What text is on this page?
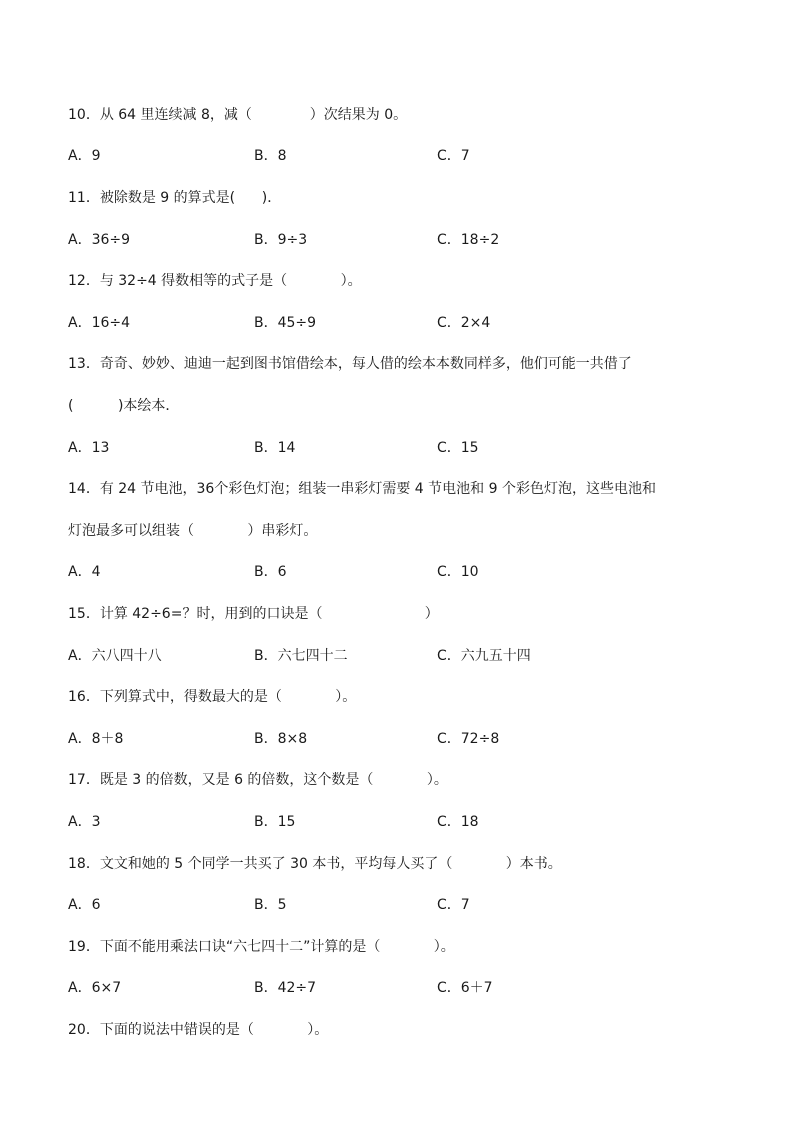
10．从 64 里连续减 8，减（             ）次结果为 0。
A．9	B．8	C．7
11．被除数是 9 的算式是(      )．
A．36÷9	B．9÷3	C．18÷2
12．与 32÷4 得数相等的式子是（            ）。
A．16÷4	B．45÷9	C．2×4
13．奇奇、妙妙、迪迪一起到图书馆借绘本，每人借的绘本本数同样多，他们可能一共借了
(          )本绘本．
A．13	B．14	C．15
14．有 24 节电池，36个彩色灯泡；组装一串彩灯需要 4 节电池和 9 个彩色灯泡，这些电池和
灯泡最多可以组装（            ）串彩灯。
A．4	B．6	C．10
15．计算 42÷6=？时，用到的口诀是（                       ）
A．六八四十八	B．六七四十二	C．六九五十四
16．下列算式中，得数最大的是（            ）。
A．8＋8	B．8×8	C．72÷8
17．既是 3 的倍数，又是 6 的倍数，这个数是（            ）。
A．3	B．15	C．18
18．文文和她的 5 个同学一共买了 30 本书，平均每人买了（            ）本书。
A．6	B．5	C．7
19．下面不能用乘法口诀“六七四十二”计算的是（            ）。
A．6×7	B．42÷7	C．6＋7
20．下面的说法中错误的是（            ）。
